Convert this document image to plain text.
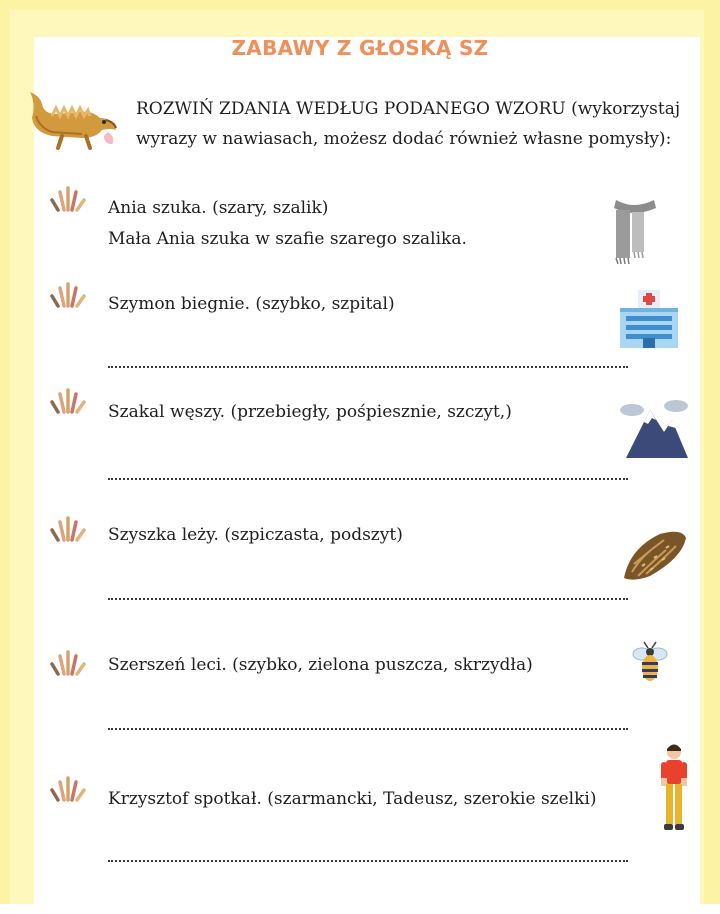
ZABAWY Z GŁOSKĄ SZ
ROZWIŃ ZDANIA WEDŁUG PODANEGO WZORU (wykorzystaj wyrazy w nawiasach, możesz dodać również własne pomysły):
Ania szuka. (szary, szalik)
Mała Ania szuka w szafie szarego szalika.
Szymon biegnie. (szybko, szpital)
Szakal węszy. (przebiegły, pośpiesznie, szczyt,)
Szyszka leży. (szpiczasta, podszyt)
Szerszeń leci. (szybko, zielona puszcza, skrzydła)
Krzysztof spotkał. (szarmancki, Tadeusz, szerokie szelki)
